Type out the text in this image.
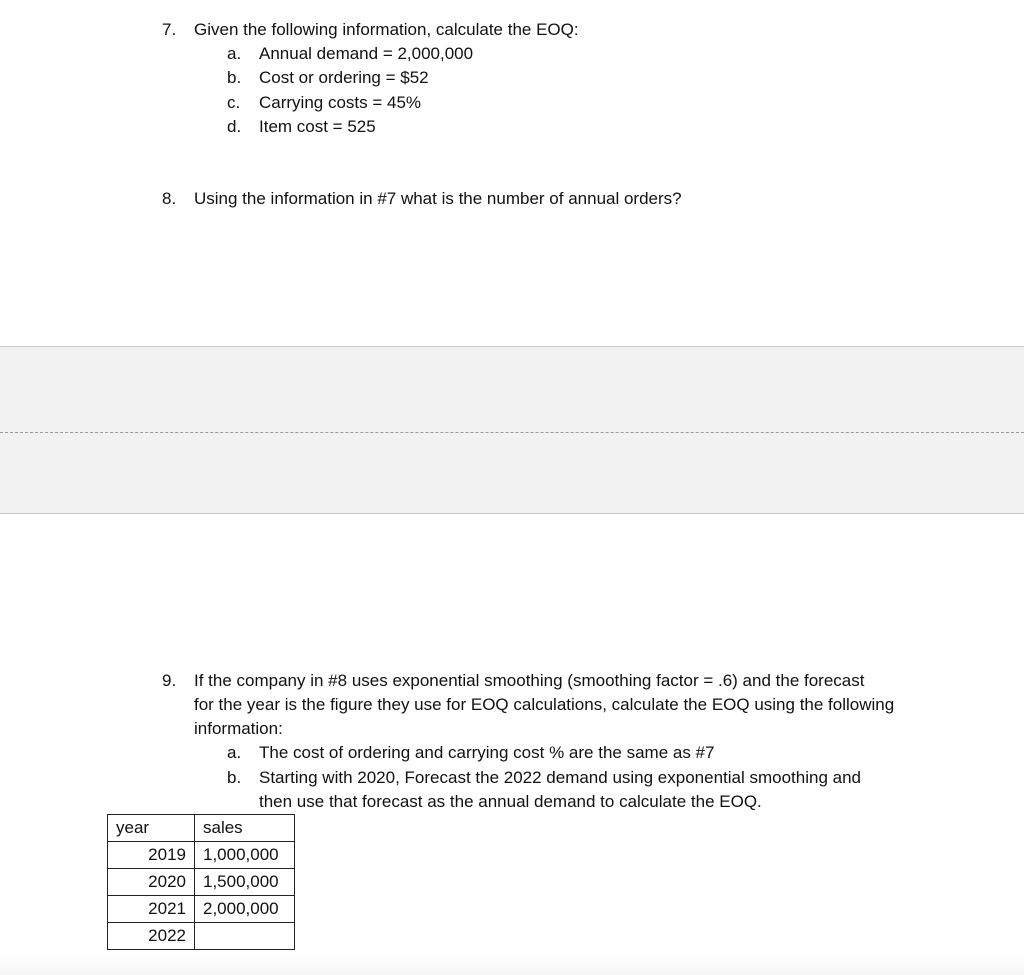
7. Given the following information, calculate the EOQ:
a. Annual demand = 2,000,000
b. Cost or ordering = $52
c. Carrying costs = 45%
d. Item cost = 525
8. Using the information in #7 what is the number of annual orders?
9. If the company in #8 uses exponential smoothing (smoothing factor = .6) and the forecast
for the year is the figure they use for EOQ calculations, calculate the EOQ using the following
information:
a. The cost of ordering and carrying cost % are the same as #7
b. Starting with 2020, Forecast the 2022 demand using exponential smoothing and
then use that forecast as the annual demand to calculate the EOQ.
year	sales
2019	1,000,000
2020	1,500,000
2021	2,000,000
2022	
